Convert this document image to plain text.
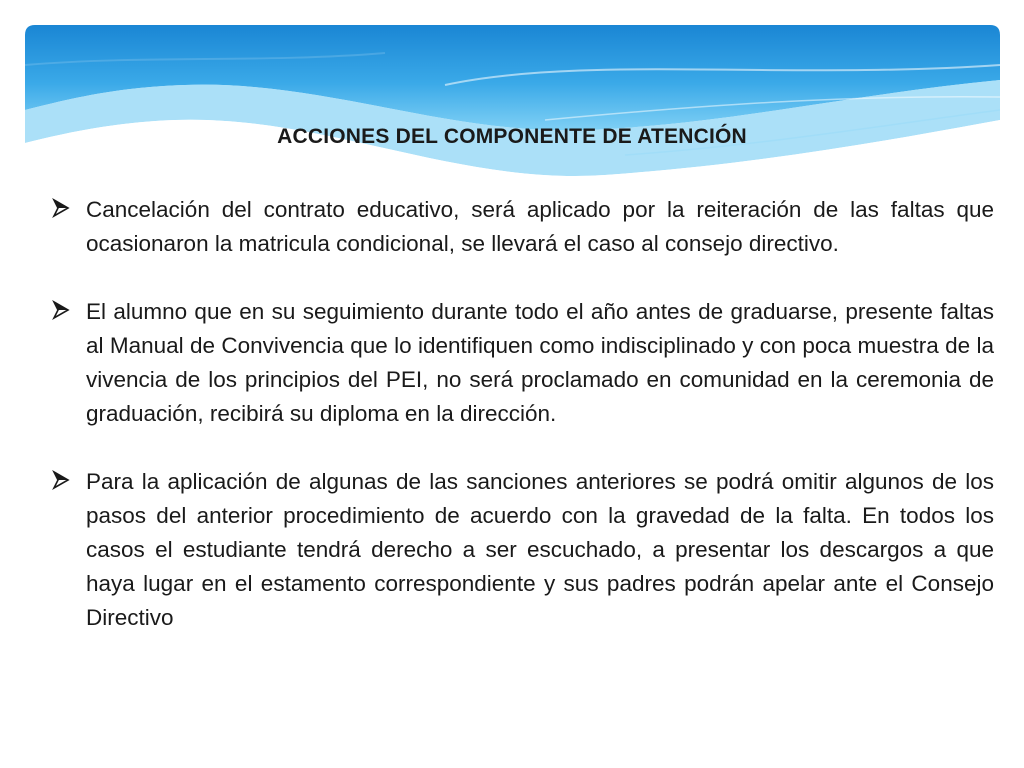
ACCIONES DEL COMPONENTE DE ATENCIÓN

Cancelación del contrato educativo, será aplicado por la reiteración de las faltas que ocasionaron la matricula condicional, se llevará el caso al consejo directivo.

El alumno que en su seguimiento durante todo el año antes de graduarse, presente faltas al Manual de Convivencia que lo identifiquen como indisciplinado y con poca muestra de la vivencia de los principios del PEI, no será proclamado en comunidad en la ceremonia de graduación, recibirá su diploma en la dirección.

Para la aplicación de algunas de las sanciones anteriores se podrá omitir algunos de los pasos del anterior procedimiento de acuerdo con la gravedad de la falta. En todos los casos el estudiante tendrá derecho a ser escuchado, a presentar los descargos a que haya lugar en el estamento correspondiente y sus padres podrán apelar ante el Consejo Directivo
